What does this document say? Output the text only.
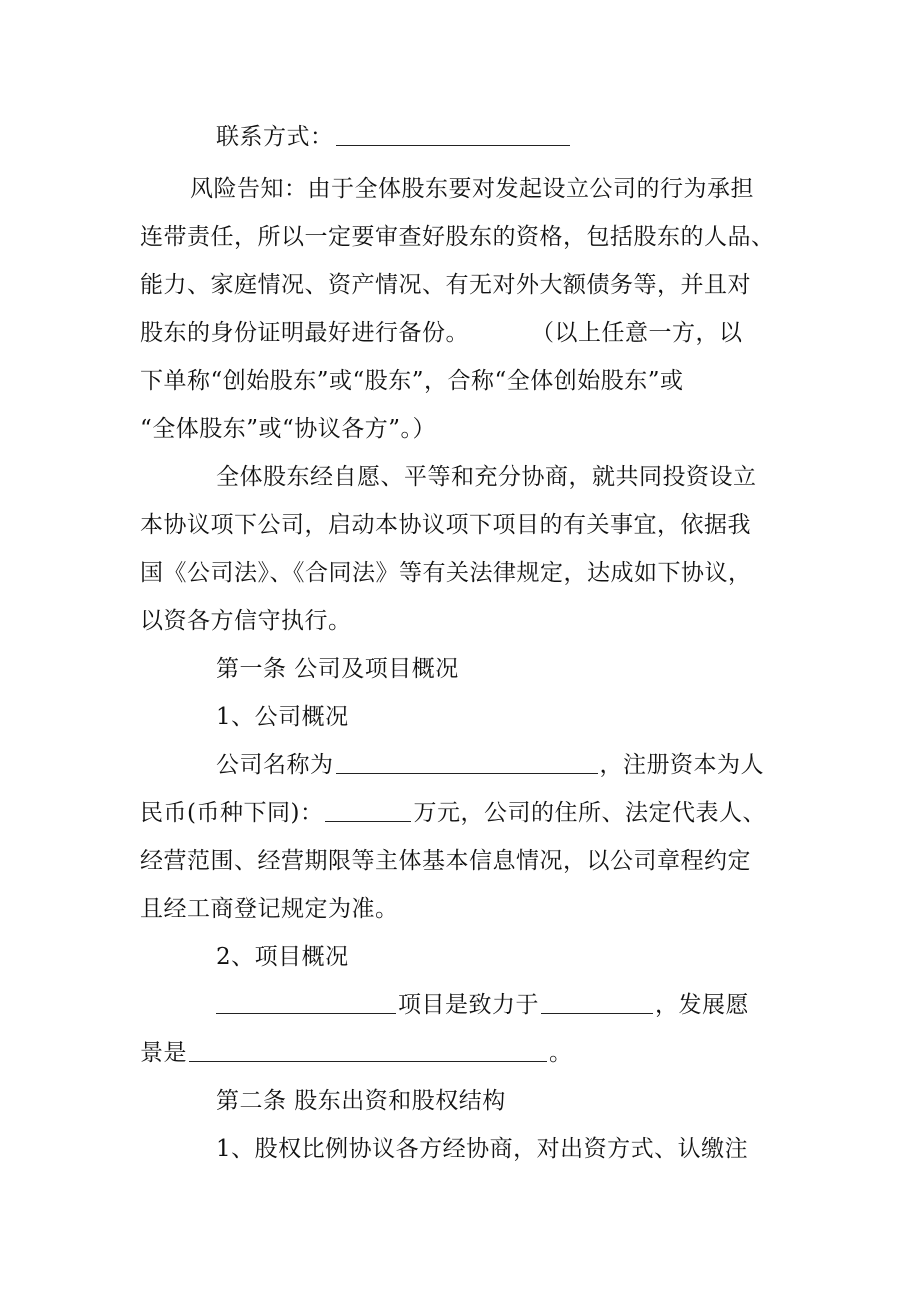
联系方式：
风险告知：由于全体股东要对发起设立公司的行为承担
连带责任，所以一定要审查好股东的资格，包括股东的人品、
能力、家庭情况、资产情况、有无对外大额债务等，并且对
股东的身份证明最好进行备份。	（以上任意一方，以
下单称“创始股东”或“股东”，合称“全体创始股东”或
“全体股东”或“协议各方”。）
全体股东经自愿、平等和充分协商，就共同投资设立
本协议项下公司，启动本协议项下项目的有关事宜，依据我
国《公司法》、《合同法》等有关法律规定，达成如下协议，
以资各方信守执行。
第一条 公司及项目概况
1、公司概况
公司名称为	，注册资本为人
民币(币种下同)：	万元，公司的住所、法定代表人、
经营范围、经营期限等主体基本信息情况，以公司章程约定
且经工商登记规定为准。
2、项目概况
项目是致力于	，发展愿
景是	。
第二条 股东出资和股权结构
1、股权比例协议各方经协商，对出资方式、认缴注
